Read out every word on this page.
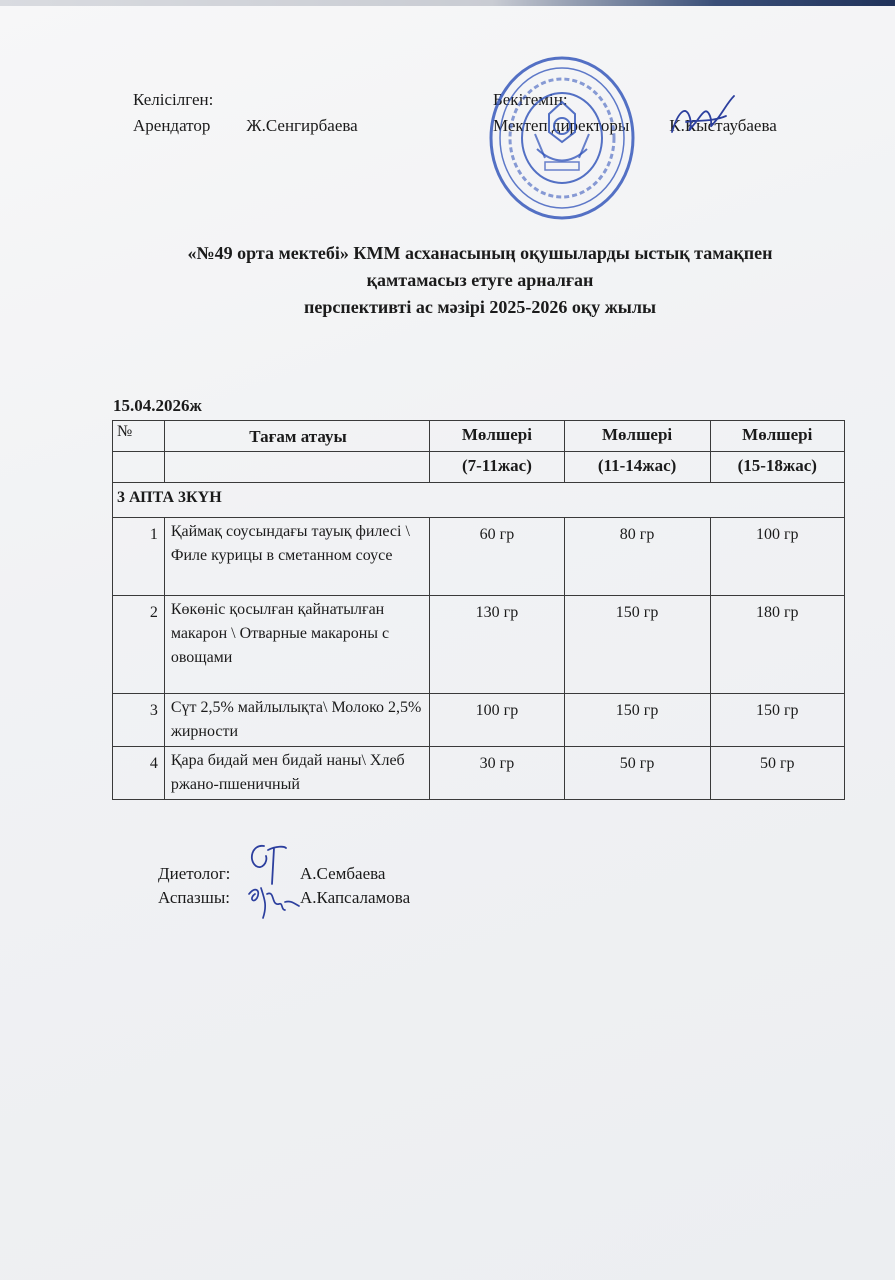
Келісілген:
Арендатор Ж.Сенгирбаева
Бекітемін:
Мектеп директоры К.Кыстаубаева
«№49 орта мектебі» КММ асханасының оқушыларды ыстық тамақпен
қамтамасыз етуге арналған
перспективті ас мәзірі 2025-2026 оқу жылы
15.04.2026ж
№	Тағам атауы	Мөлшері	Мөлшері	Мөлшері
		(7-11жас)	(11-14жас)	(15-18жас)
3 АПТА 3КҮН				
1	Қаймақ соусындағы тауық филесі \ Филе курицы в сметанном соусе	60 гр	80 гр	100 гр
2	Көкөніс қосылған қайнатылған макарон \ Отварные макароны с овощами	130 гр	150 гр	180 гр
3	Сүт 2,5% майлылықта\ Молоко 2,5% жирности	100 гр	150 гр	150 гр
4	Қара бидай мен бидай наны\ Хлеб ржано-пшеничный	30 гр	50 гр	50 гр
Диетолог:	А.Сембаева
Аспазшы:	А.Капсаламова
